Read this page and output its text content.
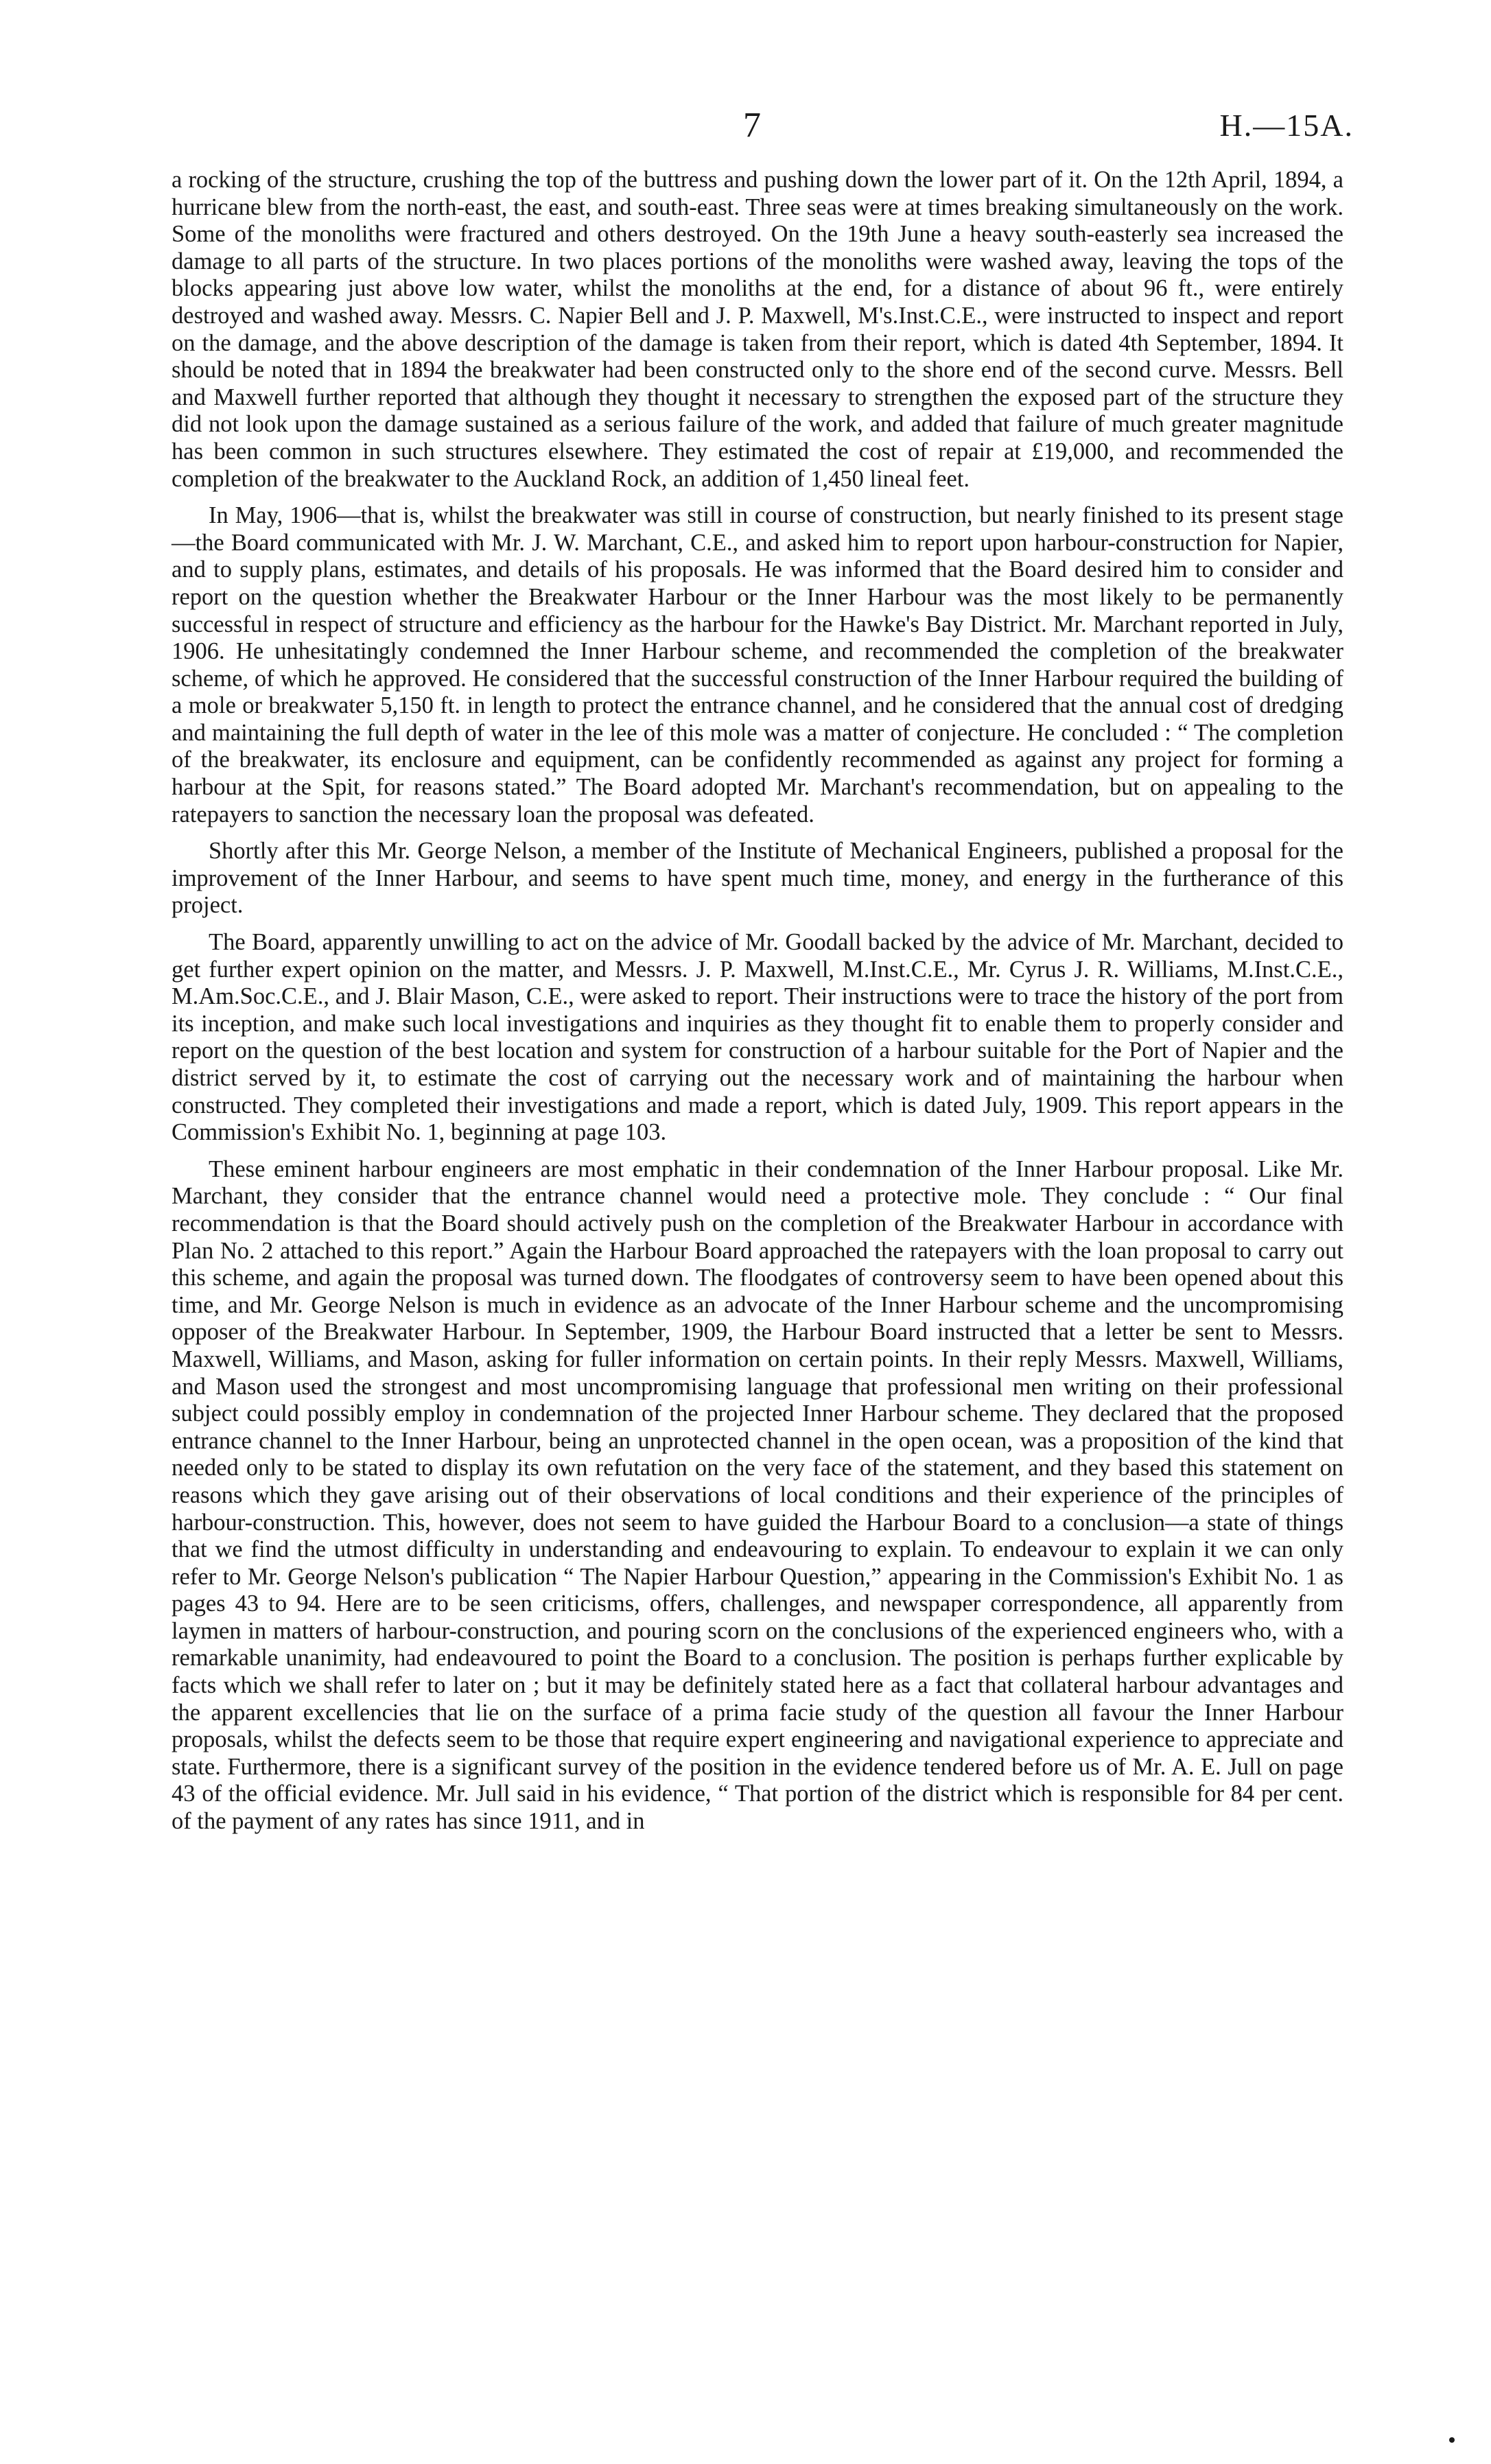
7	H.—15A.

a rocking of the structure, crushing the top of the buttress and pushing down the lower part of it. On the 12th April, 1894, a hurricane blew from the north-east, the east, and south-east. Three seas were at times breaking simultaneously on the work. Some of the monoliths were fractured and others destroyed. On the 19th June a heavy south-easterly sea increased the damage to all parts of the structure. In two places portions of the monoliths were washed away, leaving the tops of the blocks appearing just above low water, whilst the monoliths at the end, for a distance of about 96 ft., were entirely destroyed and washed away. Messrs. C. Napier Bell and J. P. Maxwell, M's.Inst.C.E., were instructed to inspect and report on the damage, and the above description of the damage is taken from their report, which is dated 4th September, 1894. It should be noted that in 1894 the breakwater had been constructed only to the shore end of the second curve. Messrs. Bell and Maxwell further reported that although they thought it necessary to strengthen the exposed part of the structure they did not look upon the damage sustained as a serious failure of the work, and added that failure of much greater magnitude has been common in such structures elsewhere. They estimated the cost of repair at £19,000, and recommended the completion of the breakwater to the Auckland Rock, an addition of 1,450 lineal feet.

In May, 1906—that is, whilst the breakwater was still in course of construction, but nearly finished to its present stage—the Board communicated with Mr. J. W. Marchant, C.E., and asked him to report upon harbour-construction for Napier, and to supply plans, estimates, and details of his proposals. He was informed that the Board desired him to consider and report on the question whether the Breakwater Harbour or the Inner Harbour was the most likely to be permanently successful in respect of structure and efficiency as the harbour for the Hawke's Bay District. Mr. Marchant reported in July, 1906. He unhesitatingly condemned the Inner Harbour scheme, and recommended the completion of the breakwater scheme, of which he approved. He considered that the successful construction of the Inner Harbour required the building of a mole or breakwater 5,150 ft. in length to protect the entrance channel, and he considered that the annual cost of dredging and maintaining the full depth of water in the lee of this mole was a matter of conjecture. He concluded : “ The completion of the breakwater, its enclosure and equipment, can be confidently recommended as against any project for forming a harbour at the Spit, for reasons stated.” The Board adopted Mr. Marchant's recommendation, but on appealing to the ratepayers to sanction the necessary loan the proposal was defeated.

Shortly after this Mr. George Nelson, a member of the Institute of Mechanical Engineers, published a proposal for the improvement of the Inner Harbour, and seems to have spent much time, money, and energy in the furtherance of this project.

The Board, apparently unwilling to act on the advice of Mr. Goodall backed by the advice of Mr. Marchant, decided to get further expert opinion on the matter, and Messrs. J. P. Maxwell, M.Inst.C.E., Mr. Cyrus J. R. Williams, M.Inst.C.E., M.Am.Soc.C.E., and J. Blair Mason, C.E., were asked to report. Their instructions were to trace the history of the port from its inception, and make such local investigations and inquiries as they thought fit to enable them to properly consider and report on the question of the best location and system for construction of a harbour suitable for the Port of Napier and the district served by it, to estimate the cost of carrying out the necessary work and of maintaining the harbour when constructed. They completed their investigations and made a report, which is dated July, 1909. This report appears in the Commission's Exhibit No. 1, beginning at page 103.

These eminent harbour engineers are most emphatic in their condemnation of the Inner Harbour proposal. Like Mr. Marchant, they consider that the entrance channel would need a protective mole. They conclude : “ Our final recommendation is that the Board should actively push on the completion of the Breakwater Harbour in accordance with Plan No. 2 attached to this report.” Again the Harbour Board approached the ratepayers with the loan proposal to carry out this scheme, and again the proposal was turned down. The floodgates of controversy seem to have been opened about this time, and Mr. George Nelson is much in evidence as an advocate of the Inner Harbour scheme and the uncompromising opposer of the Breakwater Harbour. In September, 1909, the Harbour Board instructed that a letter be sent to Messrs. Maxwell, Williams, and Mason, asking for fuller information on certain points. In their reply Messrs. Maxwell, Williams, and Mason used the strongest and most uncompromising language that professional men writing on their professional subject could possibly employ in condemnation of the projected Inner Harbour scheme. They declared that the proposed entrance channel to the Inner Harbour, being an unprotected channel in the open ocean, was a proposition of the kind that needed only to be stated to display its own refutation on the very face of the statement, and they based this statement on reasons which they gave arising out of their observations of local conditions and their experience of the principles of harbour-construction. This, however, does not seem to have guided the Harbour Board to a conclusion—a state of things that we find the utmost difficulty in understanding and endeavouring to explain. To endeavour to explain it we can only refer to Mr. George Nelson's publication “ The Napier Harbour Question,” appearing in the Commission's Exhibit No. 1 as pages 43 to 94. Here are to be seen criticisms, offers, challenges, and newspaper correspondence, all apparently from laymen in matters of harbour-construction, and pouring scorn on the conclusions of the experienced engineers who, with a remarkable unanimity, had endeavoured to point the Board to a conclusion. The position is perhaps further explicable by facts which we shall refer to later on ; but it may be definitely stated here as a fact that collateral harbour advantages and the apparent excellencies that lie on the surface of a prima facie study of the question all favour the Inner Harbour proposals, whilst the defects seem to be those that require expert engineering and navigational experience to appreciate and state. Furthermore, there is a significant survey of the position in the evidence tendered before us of Mr. A. E. Jull on page 43 of the official evidence. Mr. Jull said in his evidence, “ That portion of the district which is responsible for 84 per cent. of the payment of any rates has since 1911, and in
